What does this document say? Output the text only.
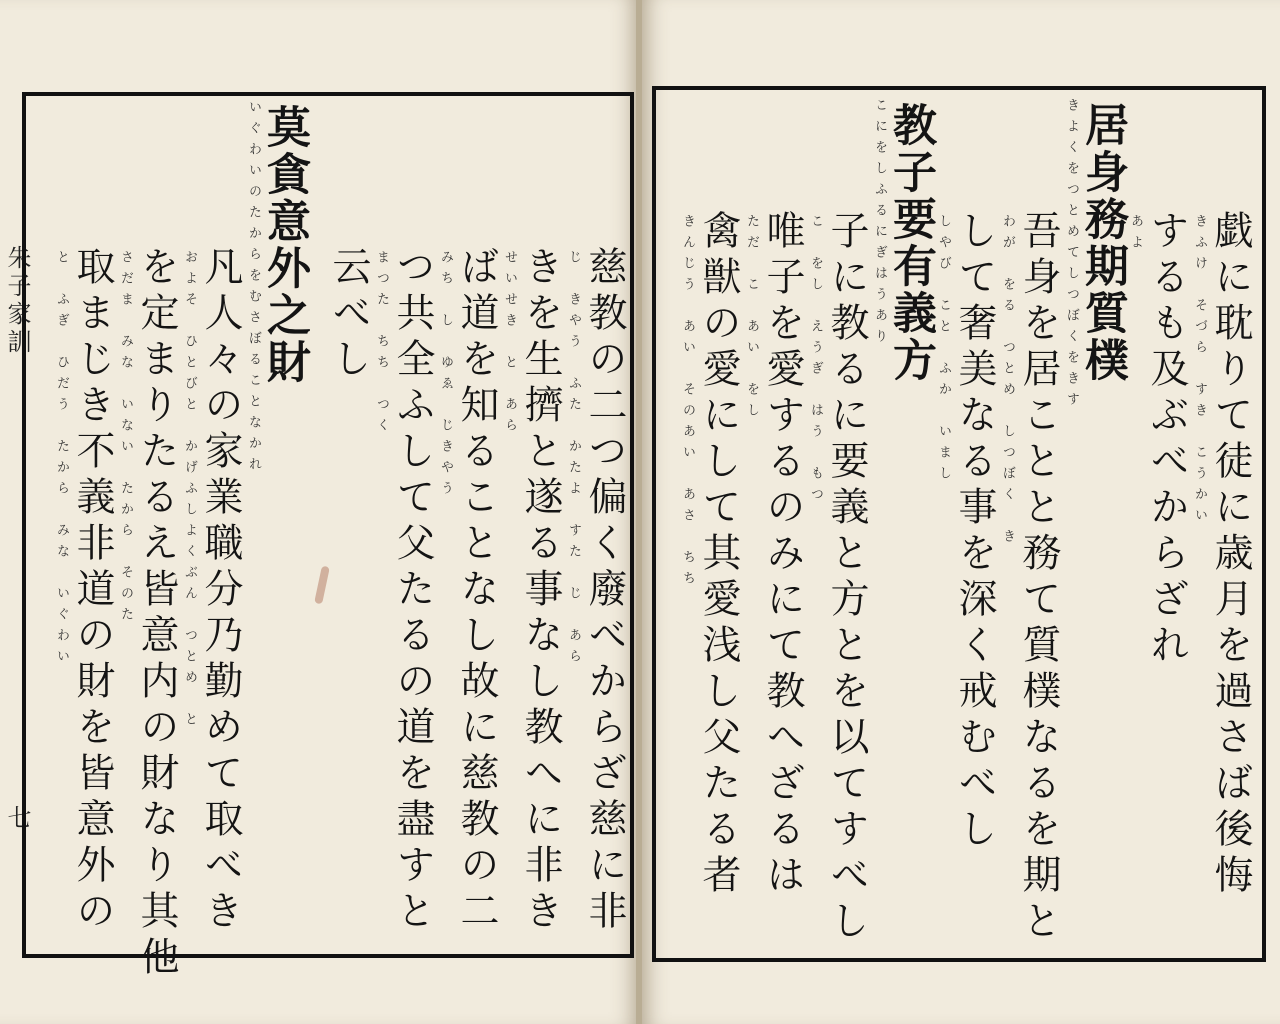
朱子家訓
七	慈教の二つ偏く廢べからざ慈に非
じ　きやう　ふた　かたよ　すた　じ　あら
きを生擠と遂る事なし教へに非き
せいせき　と　あら
ば道を知ることなし故に慈教の二
みち　し　ゆゑ　じきやう
つ共全ふして父たるの道を盡すと
まつた　ちち　つく
云べし
莫貪意外之財
いぐわいのたからをむさぼることなかれ
凡人々の家業職分乃勤めて取べき
およそ　ひとびと　かげふしよくぶん　つとめ　と
を定まりたるえ皆意内の財なり其他
さだま　みな　いない　たから　そのた
取まじき不義非道の財を皆意外の
と　ふぎ　ひだう　たから　みな　いぐわい	戯に耽りて徒に歳月を過さば後悔
きふけ　そづら　すき　こうかい
するも及ぶべからざれ
あよ
居身務期質樸
きよくをつとめてしつぼくをきす
吾身を居ことと務て質樸なるを期と
わが　をる　つとめ　しつぼく　き
して奢美なる事を深く戒むべし
しやび　こと　ふか　いまし
教子要有義方
こにをしふるにぎはうあり
子に教るに要義と方とを以てすべし
こ　をし　えうぎ　はう　もつ
唯子を愛するのみにて教へざるは
ただ　こ　あい　をし
禽獣の愛にして其愛浅し父たる者
きんじう　あい　そのあい　あさ　ちち
